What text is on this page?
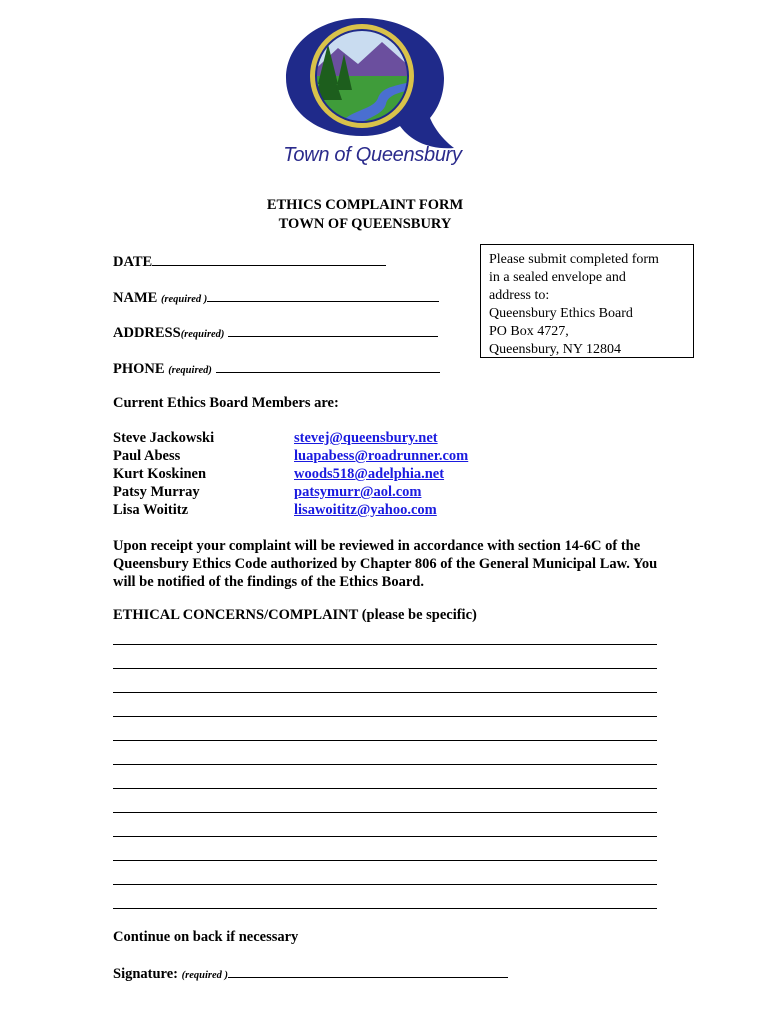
Town of Queensbury
ETHICS COMPLAINT FORM
TOWN OF QUEENSBURY
DATE
NAME (required )
ADDRESS(required)
PHONE (required)
Please submit completed form
in a sealed envelope and
address to:
Queensbury Ethics Board
PO Box 4727,
Queensbury, NY 12804
Current Ethics Board Members are:
Steve Jackowski
Paul Abess
Kurt Koskinen
Patsy Murray
Lisa Woititz
stevej@queensbury.net
luapabess@roadrunner.com
woods518@adelphia.net
patsymurr@aol.com
lisawoititz@yahoo.com
Upon receipt your complaint will be reviewed in accordance with section 14-6C of the Queensbury Ethics Code authorized by Chapter 806 of the General Municipal Law. You will be notified of the findings of the Ethics Board.
ETHICAL CONCERNS/COMPLAINT (please be specific)
Continue on back if necessary
Signature: (required )
